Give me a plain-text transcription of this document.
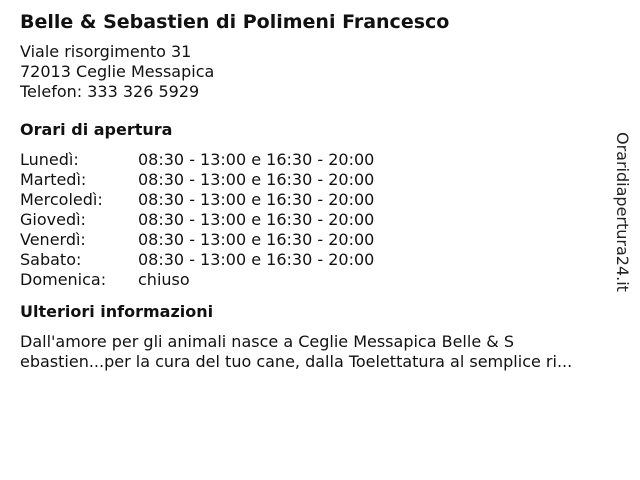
Belle & Sebastien di Polimeni Francesco
Viale risorgimento 31
72013 Ceglie Messapica
Telefon: 333 326 5929
Orari di apertura
Lunedì:	08:30 - 13:00 e 16:30 - 20:00
Martedì:	08:30 - 13:00 e 16:30 - 20:00
Mercoledì:	08:30 - 13:00 e 16:30 - 20:00
Giovedì:	08:30 - 13:00 e 16:30 - 20:00
Venerdì:	08:30 - 13:00 e 16:30 - 20:00
Sabato:	08:30 - 13:00 e 16:30 - 20:00
Domenica:	chiuso
Ulteriori informazioni
Dall'amore per gli animali nasce a Ceglie Messapica Belle & S
ebastien...per la cura del tuo cane, dalla Toelettatura al semplice ri...
Oraridiapertura24.it
